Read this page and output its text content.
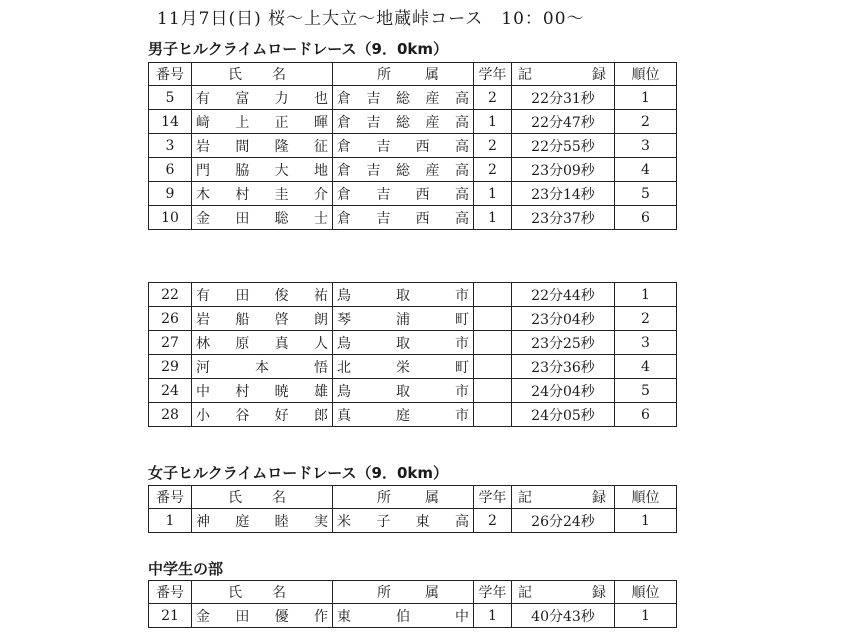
11月7日(日) 桜～上大立～地蔵峠コース　10：00～
男子ヒルクライムロードレース（9．0km）
番号	氏 名	所 属	学年	記 録	順位
5	有 富 力 也	倉 吉 総 産 高	2	22分31秒	1
14	﨑 上 正 暉	倉 吉 総 産 高	1	22分47秒	2
3	岩 間 隆 征	倉 吉 西 高	2	22分55秒	3
6	門 脇 大 地	倉 吉 総 産 高	2	23分09秒	4
9	木 村 圭 介	倉 吉 西 高	1	23分14秒	5
10	金 田 聡 士	倉 吉 西 高	1	23分37秒	6
22	有 田 俊 祐	鳥 取 市		22分44秒	1
26	岩 船 啓 朗	琴 浦 町		23分04秒	2
27	林 原 真 人	鳥 取 市		23分25秒	3
29	河 本 悟	北 栄 町		23分36秒	4
24	中 村 暁 雄	鳥 取 市		24分04秒	5
28	小 谷 好 郎	真 庭 市		24分05秒	6
女子ヒルクライムロードレース（9．0km）
番号	氏 名	所 属	学年	記 録	順位
1	神 庭 睦 実	米 子 東 高	2	26分24秒	1
中学生の部
番号	氏 名	所 属	学年	記 録	順位
21	金 田 優 作	東 伯 中	1	40分43秒	1
